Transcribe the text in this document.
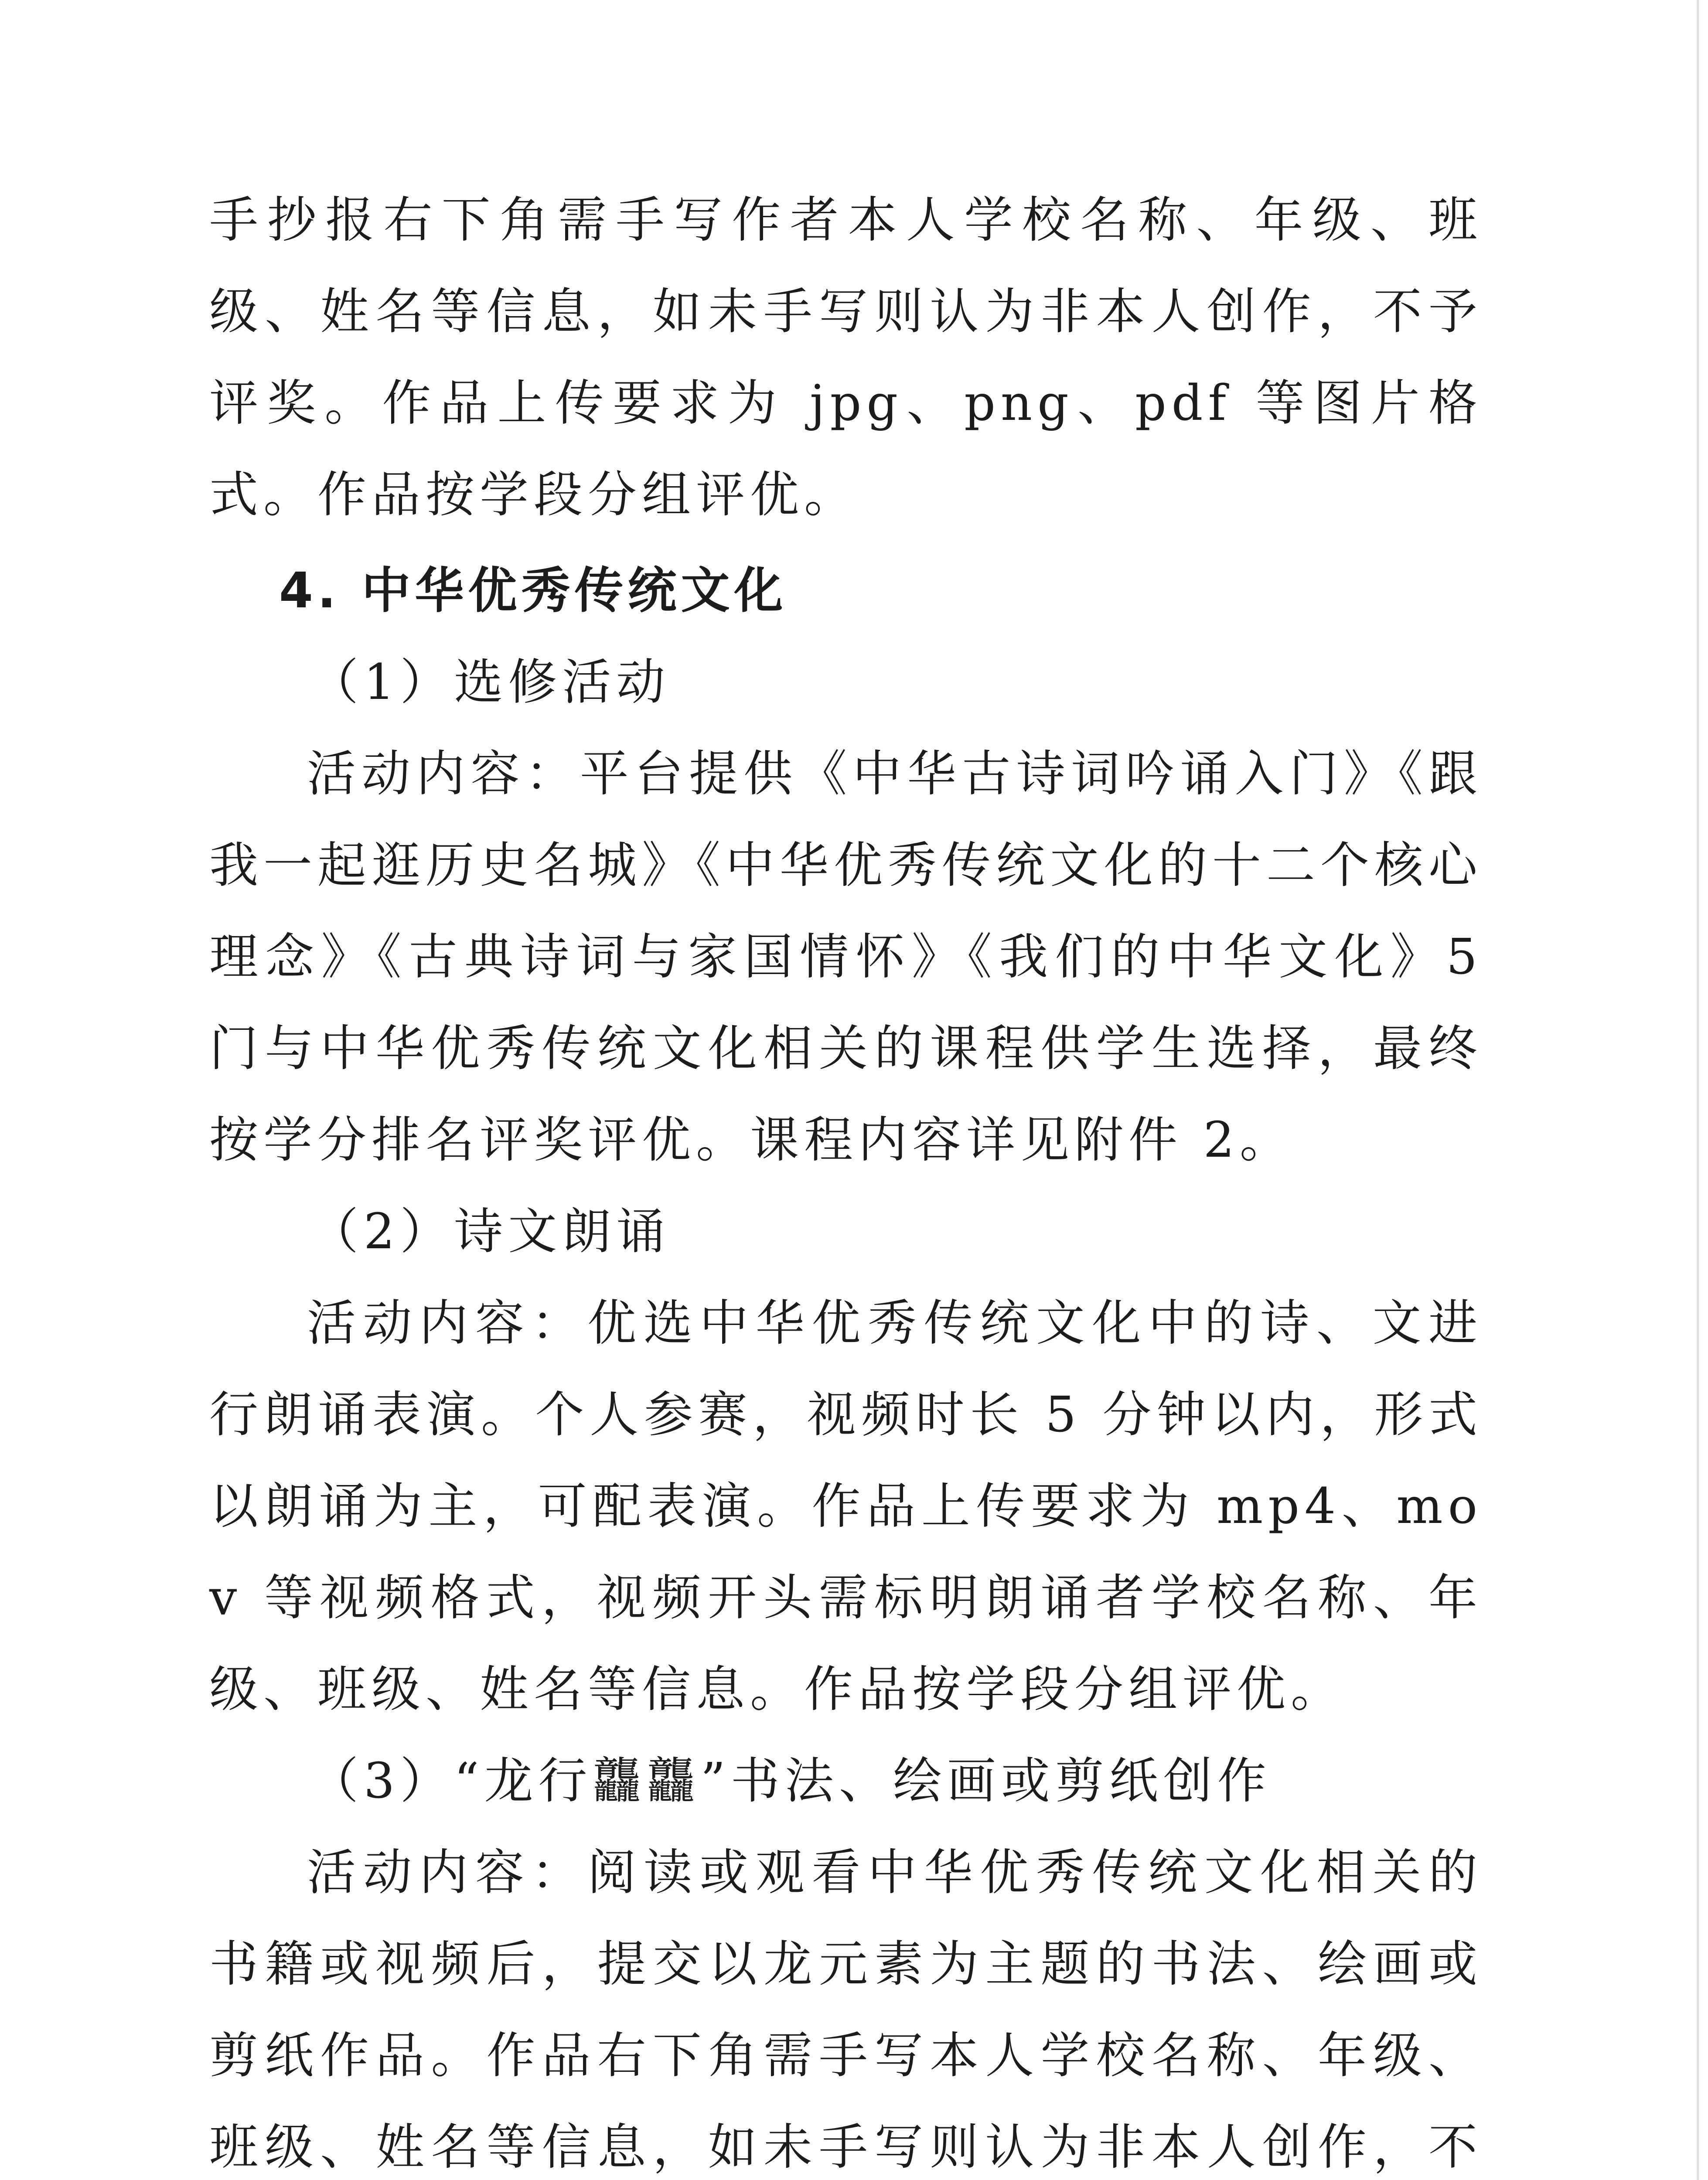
手抄报右下角需手写作者本人学校名称、年级、班级、姓名等信息，如未手写则认为非本人创作，不予评奖。作品上传要求为 jpg、png、pdf 等图片格式。作品按学段分组评优。

4. 中华优秀传统文化

（1）选修活动

活动内容：平台提供《中华古诗词吟诵入门》《跟我一起逛历史名城》《中华优秀传统文化的十二个核心理念》《古典诗词与家国情怀》《我们的中华文化》5 门与中华优秀传统文化相关的课程供学生选择，最终按学分排名评奖评优。课程内容详见附件 2。

（2）诗文朗诵

活动内容：优选中华优秀传统文化中的诗、文进行朗诵表演。个人参赛，视频时长 5 分钟以内，形式以朗诵为主，可配表演。作品上传要求为 mp4、mov 等视频格式，视频开头需标明朗诵者学校名称、年级、班级、姓名等信息。作品按学段分组评优。

（3）“龙行龘龘”书法、绘画或剪纸创作

活动内容：阅读或观看中华优秀传统文化相关的书籍或视频后，提交以龙元素为主题的书法、绘画或剪纸作品。作品右下角需手写本人学校名称、年级、班级、姓名等信息，如未手写则认为非本人创作，不
